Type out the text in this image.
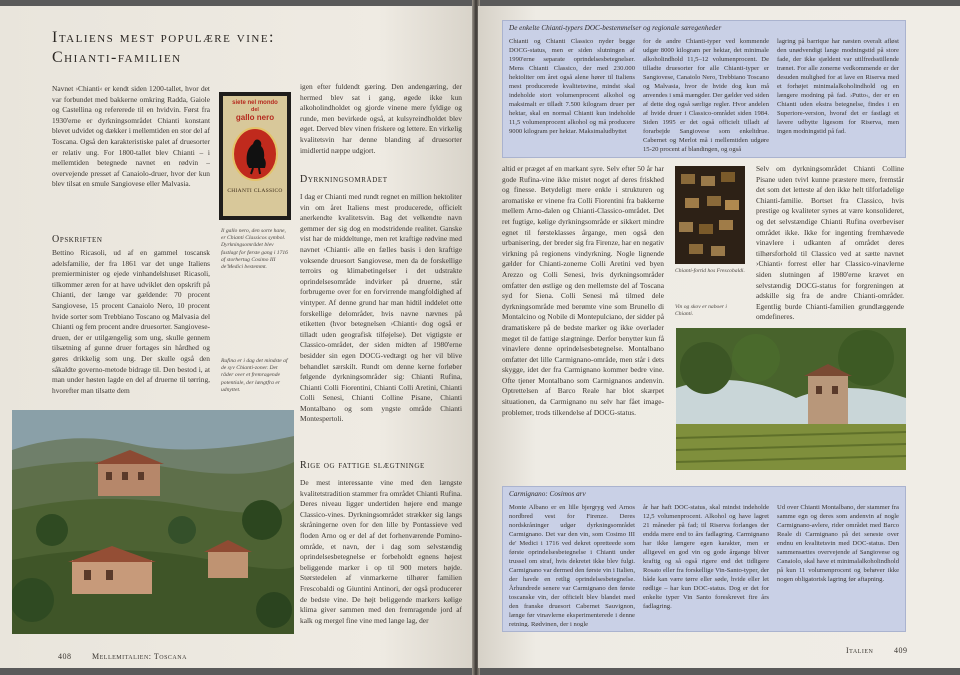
Italiens mest populære vine:
Chianti-familien
Navnet ›Chianti‹ er kendt siden 1200-tallet, hvor det var forbundet med bakkerne omkring Radda, Gaiole og Castellina og refererede til en hvidvin. Først fra 1930'erne er dyrkningsområdet Chianti konstant blevet udvidet og dækker i mellemtiden en stor del af Toscana. Også den karakteristiske palet af druesorter er relativ ung. For 1800-tallet blev Chianti – i mellemtiden betegnede navnet en rødvin – overvejende presset af Canaiolo-druer, hvor der kun blev tilsat en smule Sangiovese eller Malvasia.
siete nel mondo
del
gallo nero
CHIANTI CLASSICO
Il gallo nero, den sorte hane, er Chianti Classicos symbol. Dyrkningsområdet blev fastlagt for første gang i 1716 af storhertug Cosimo III de'Medici bestemmt.
Opskriften
Bettino Ricasoli, ud af en gammel toscansk adelsfamilie, der fra 1861 var det unge Italiens premierminister og ejede vinhandelshuset Ricasoli, tilkommer æren for at have udviklet den opskrift på Chianti, der længe var gældende: 70 procent Sangiovese, 15 procent Canaiolo Nero, 10 procent hvide sorter som Trebbiano Toscano og Malvasia del Chianti og fem procent andre druesorter. Sangiovese-druen, der er utilgængelig som ung, skulle gennem tilsætning af gunne druer fortages sin hårdhed og gøres drikkelig som ung. Der skulle også den såkaldte governo-metode bidrage til. Den bestod i, at man under høsten lagde en del af druerne til tørring, hvorefter man tilsatte dem
Rufina er i dag det mindste af de syv Chianti-zoner. Det råder over et fremragende potentiale, der længtfra er udnyttet.
igen efter fuldendt gæring. Den andengæring, der hermed blev sat i gang, øgede ikke kun alkoholindholdet og gjorde vinene mere fyldige og runde, men bevirkede også, at kulsyreindholdet blev øget. Derved blev vinen friskere og lettere. En virkelig kvalitetsvin har denne blanding af druesorter imidlertid næppe udgjort.
Dyrkningsområdet
I dag er Chianti med rundt regnet en million hektoliter vin om året Italiens mest producerede, officielt anerkendte kvalitetsvin. Bag det velkendte navn gemmer der sig dog en modstridende realitet. Ganske vist har de middeltunge, men ret kraftige rødvine med navnet ›Chianti‹ alle en fælles basis i den kraftige voksende druesort Sangiovese, men da de forskellige terroirs og klimabetingelser i det udstrakte oprindelsesområde indvirker på druerne, står forbrugerne over for en forvirrende mangfoldighed af vintyper. Af denne grund har man hidtil inddelet otte forskellige delområder, hvis navne nævnes på etiketten (hvor betegnelsen ›Chianti‹ dog også er tilladt uden geografisk tilføjelse). Det vigtigste er Classico-området, der siden midten af 1980'erne besidder sin egen DOCG-vedtægt og her vil blive behandlet særskilt. Rundt om denne kerne forløber følgende dyrkningsområder sig: Chianti Rufina, Chianti Colli Fiorentini, Chianti Colli Aretini, Chianti Colli Senesi, Chianti Colline Pisane, Chianti Montalbano og som yngste område Chianti Montespertoli.
Rige og fattige slægtninge
De mest interessante vine med den længste kvalitetstradition stammer fra området Chianti Rufina. Deres niveau ligger undertiden højere end mange Classico-vines. Dyrkningsområdet strækker sig langs skråningerne oven for den lille by Pontassieve ved floden Arno og er del af det forhenværende Pomino-område, et navn, der i dag som selvstændig oprindelsesbetegnelse er forbeholdt egnens højest beliggende marker i op til 900 meters højde. Størstedelen af vinmarkerne tilhører familien Frescobaldi og Giuntini Antinori, der også producerer de bedste vine. De højt beliggende markers kølige klima giver sammen med den fremragende jord af kalk og mergel fine vine med lange lag, der
408	Mellemitalien: Toscana
De enkelte Chianti-typers DOC-bestemmelser og regionale særegenheder
Chianti og Chianti Classico nyder begge DOCG-status, men er siden slutningen af 1990'erne separate oprindelsesbetegnelser. Mens Chianti Classico, der med 230.000 hektoliter om året også alene hører til Italiens mest producerede kvalitetsvine, mindst skal indeholde stort volumenprocent alkohol og maksimalt er tilladt 7.500 kilogram druer per hektar, skal en normal Chianti kun indeholde 11,5 volumenprocent alkohol og må producere 9000 kilogram per hektar. Maksimaludbyttet
for de andre Chianti-typer ved kommende udgør 8000 kilogram per hektar, det minimale alkoholindhold 11,5–12 volumenprocent. De tilladte druesorter for alle Chianti-typer er Sangiovese, Canaiolo Nero, Trebbiano Toscano og Malvasia, hvor de hvide dog kun må anvendes i små mængder. Der gælder ved siden af dette dog også særlige regler. Hvor andelen af hvide druer i Classico-området siden 1984. Siden 1995 er det også officielt tilladt af forarbejde Sangiovese som enkeltdrue. Cabernet og Merlot må i mellemtiden udgøre 15-20 procent af blandingen, og også
lagring på barrique har næsten overalt afløst den unødvendigt lange modningstid på store fade, der ikke sjældent var utilfredsstillende trænet. For alle zonerne vedkommende er der desuden mulighed for at lave en Riserva med et forhøjet minimalalkoholindhold og en længere modning på fad. ›Putto‹, der er en Chianti uden ekstra betegnelse, findes i en Superiore-version, hvoraf det er fastlagt et lavere udbytte ligesom for Riserva, men ingen modningstid på fad.
altid er præget af en markant syre. Selv efter 50 år har gode Rufina-vine ikke mistet noget af deres friskhed og finesse. Betydeligt mere enkle i strukturen og aromatiske er vinene fra Colli Fiorentini fra bakkerne mellem Arno-dalen og Chianti-Classico-området. Det ret fugtige, kølige dyrkningsområde er sikkert mindre egnet til førsteklasses årgange, men også den urbanisering, der breder sig fra Firenze, har en negativ virkning på regionens vindyrkning. Nogle lignende gælder for Chianti-zonerne Colli Aretini ved byen Arezzo og Colli Senesi, hvis dyrkningsområder omfatter den østlige og den mellemste del af Toscana syd for Siena. Colli Senesi må tilmed dele dyrkningsområde med berømte vine som Brunello di Montalcino og Nobile di Montepulciano, der sidder på dramatiskere på de bedste marker og ikke overlader meget til de fattige slægtninge. Derfor benytter kun få vinavlere denne oprindelsesbetegnelse. Montalbano omfatter det lille Carmignano-område, men står i dets skygge, idet der fra Carmignano kommer bedre vine. Ofte tjener Montalbano som Carmignanos andenvin. Optrettelsen af Barco Reale har blot skærpet situationen, da Carmignano nu selv har fået image-problemer, trods tilkendelse af DOCG-status.
Chianti-fortid hos Frescobaldi.
Vin og skov er naboer i Chianti.
Selv om dyrkningsområdet Chianti Colline Pisane uden tvivl kunne præstere mere, fremstår det som det letteste af den ikke helt tilforladelige Chianti-familie. Bortset fra Classico, hvis prestige og kvaliteter synes at være konsolideret, og det selvstændige Chianti Rufina overbeviser området ikke. Ikke for ingenting fremhævede vinavlere i udkanten af området deres tilhørsforhold til Classico ved at sætte navnet ›Chianti‹ forrest eller har Classico-vinavlerne siden slutningen af 1980'erne krævet en selvstændig DOCG-status for forgreningen at adskille sig fra de andre Chianti-områder. Egentlig burde Chianti-familien grundlæggende omdefineres.
Carmignano: Cosimos arv
Monte Albano er en lille bjergryg ved Arnos nordbred vest for Firenze. Deres nordskråninger udgør dyrkningsområdet Carmignano. Det var den vin, som Cosimo III de' Medici i 1716 ved dekret opretteede som første oprindelsesbetegnelse i Chianti under trussel om straf, hvis dekretet ikke blev fulgt. Carmignano var dermed den første vin i Italien, der havde en retlig oprindelsesbetegnelse. Århundrede senere var Carmignano den første toscanske vin, der officielt blev blandet med den franske druesort Cabernet Sauvignon, længe før vinavlerne eksperimenterede i denne retning. Rødvinen, der i nogle
år har haft DOC-status, skal mindst indeholde 12,5 volumenprocent. Alkohol og have lagret 21 måneder på fad; til Riserva forlanges der endda mere end to års fadlagring. Carmignano har ikke længere egen karakter, men er alligevel en god vin og gode årgange bliver kraftig og så også rigere end det tidligere Rosato eller fra forskellige Vin-Santo-typer, der både kan være tørre eller søde, hvide eller let rødlige – har kun DOC-status. Dog er det for enkelte typer Vin Santo foreskrevet fire års fadlagring.
Ud over Chianti Montalbano, der stammer fra samme egn og deres som andenvin af nogle Carmignano-avlere, rider området med Barco Reale di Carmignano på det seneste over endnu en kvalitetsvin med DOC-status. Den sammensættes overvejende af Sangiovese og Canaiolo, skal have et minimalalkoholindhold på kun 11 volumenprocent og behøver ikke nogen obligatorisk lagring før aftapning.
Italien	409
